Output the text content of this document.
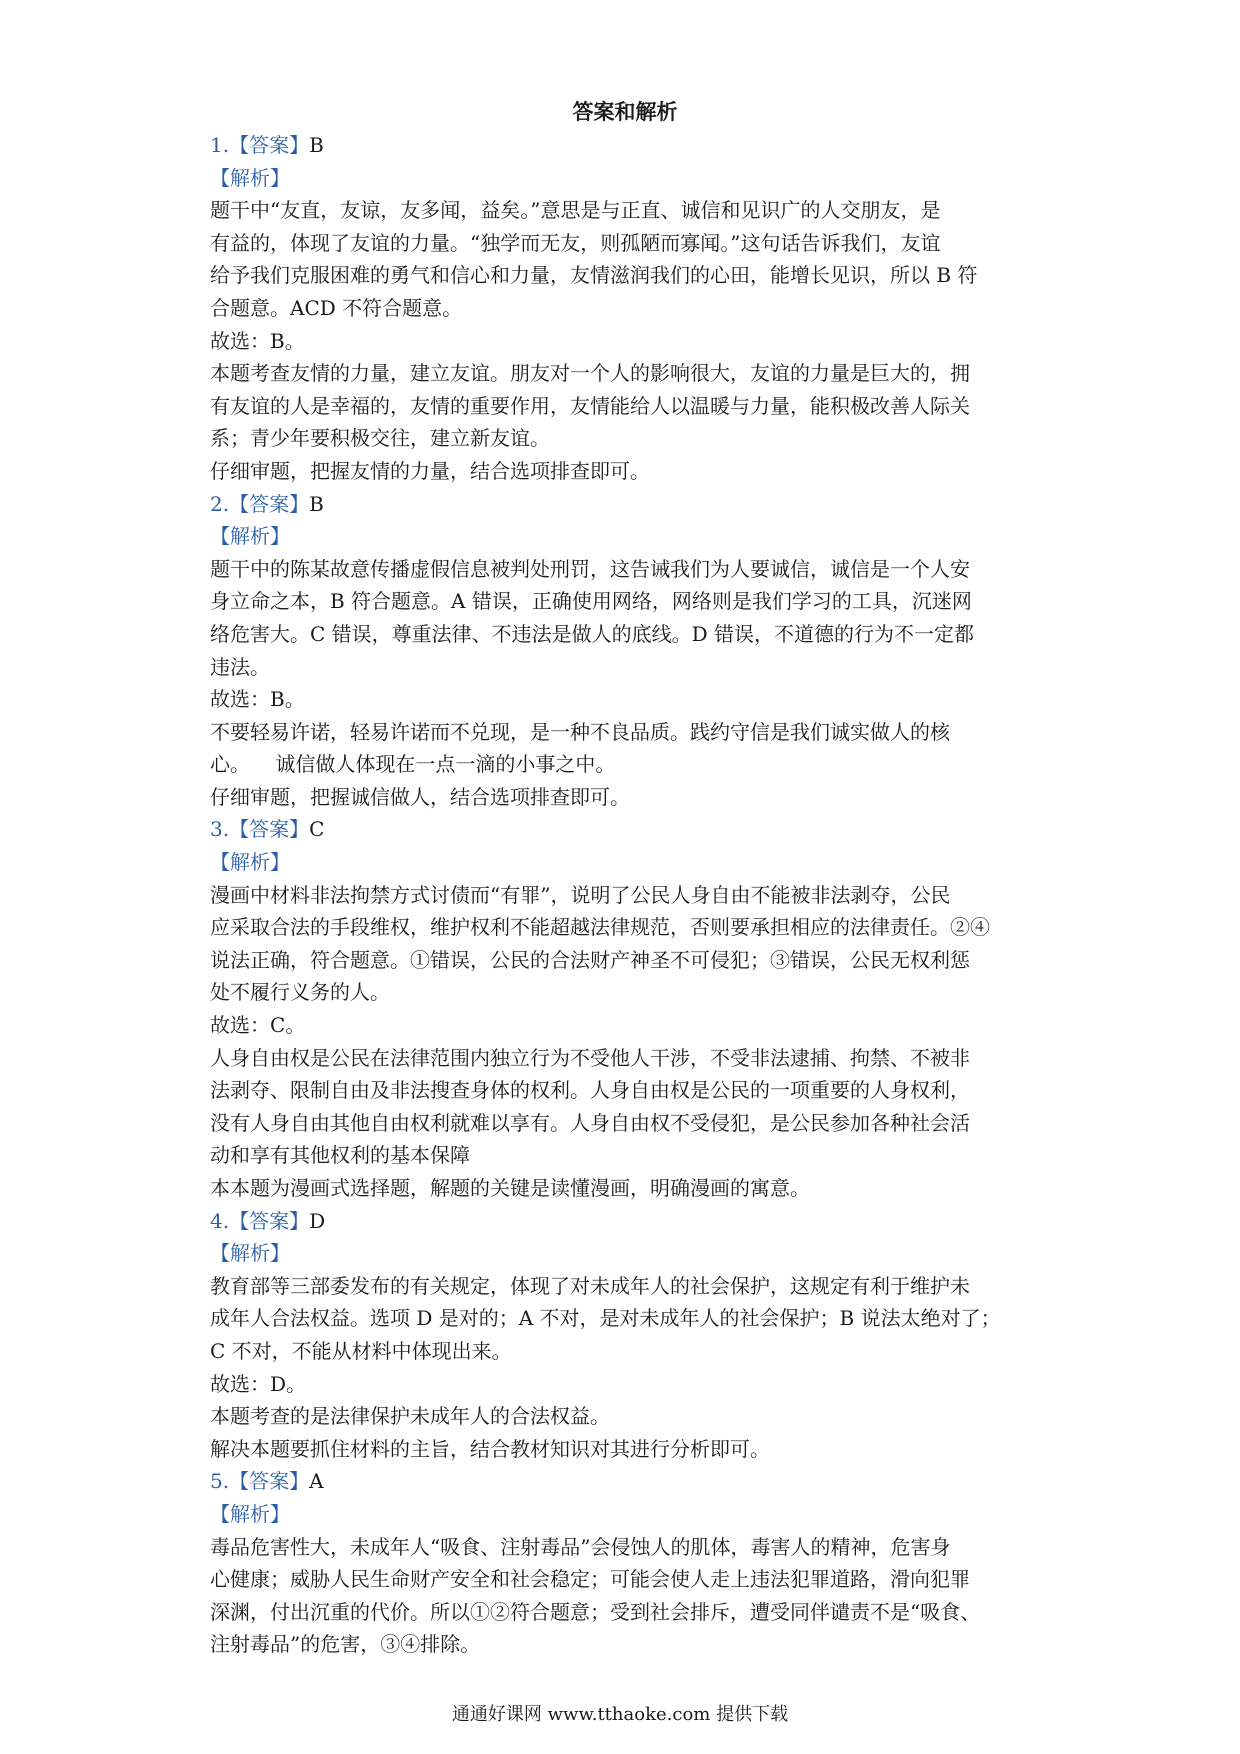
答案和解析
1.【答案】B
【解析】
题干中“友直，友谅，友多闻，益矣。”意思是与正直、诚信和见识广的人交朋友，是
有益的，体现了友谊的力量。“独学而无友，则孤陋而寡闻。”这句话告诉我们，友谊
给予我们克服困难的勇气和信心和力量，友情滋润我们的心田，能增长见识，所以 B 符
合题意。ACD 不符合题意。
故选：B。
本题考查友情的力量，建立友谊。朋友对一个人的影响很大，友谊的力量是巨大的，拥
有友谊的人是幸福的，友情的重要作用，友情能给人以温暖与力量，能积极改善人际关
系；青少年要积极交往，建立新友谊。
仔细审题，把握友情的力量，结合选项排查即可。
2.【答案】B
【解析】
题干中的陈某故意传播虚假信息被判处刑罚，这告诫我们为人要诚信，诚信是一个人安
身立命之本，B 符合题意。A 错误，正确使用网络，网络则是我们学习的工具，沉迷网
络危害大。C 错误，尊重法律、不违法是做人的底线。D 错误，不道德的行为不一定都
违法。
故选：B。
不要轻易许诺，轻易许诺而不兑现，是一种不良品质。践约守信是我们诚实做人的核
心。    诚信做人体现在一点一滴的小事之中。
仔细审题，把握诚信做人，结合选项排查即可。
3.【答案】C
【解析】
漫画中材料非法拘禁方式讨债而“有罪”，说明了公民人身自由不能被非法剥夺，公民
应采取合法的手段维权，维护权利不能超越法律规范，否则要承担相应的法律责任。②④
说法正确，符合题意。①错误，公民的合法财产神圣不可侵犯；③错误，公民无权利惩
处不履行义务的人。
故选：C。
人身自由权是公民在法律范围内独立行为不受他人干涉，不受非法逮捕、拘禁、不被非
法剥夺、限制自由及非法搜查身体的权利。人身自由权是公民的一项重要的人身权利，
没有人身自由其他自由权利就难以享有。人身自由权不受侵犯，是公民参加各种社会活
动和享有其他权利的基本保障
本本题为漫画式选择题，解题的关键是读懂漫画，明确漫画的寓意。
4.【答案】D
【解析】
教育部等三部委发布的有关规定，体现了对未成年人的社会保护，这规定有利于维护未
成年人合法权益。选项 D 是对的；A 不对，是对未成年人的社会保护；B 说法太绝对了；
C 不对，不能从材料中体现出来。
故选：D。
本题考查的是法律保护未成年人的合法权益。
解决本题要抓住材料的主旨，结合教材知识对其进行分析即可。
5.【答案】A
【解析】
毒品危害性大，未成年人“吸食、注射毒品”会侵蚀人的肌体，毒害人的精神，危害身
心健康；威胁人民生命财产安全和社会稳定；可能会使人走上违法犯罪道路，滑向犯罪
深渊，付出沉重的代价。所以①②符合题意；受到社会排斥，遭受同伴谴责不是“吸食、
注射毒品”的危害，③④排除。
通通好课网 www.tthaoke.com 提供下载
